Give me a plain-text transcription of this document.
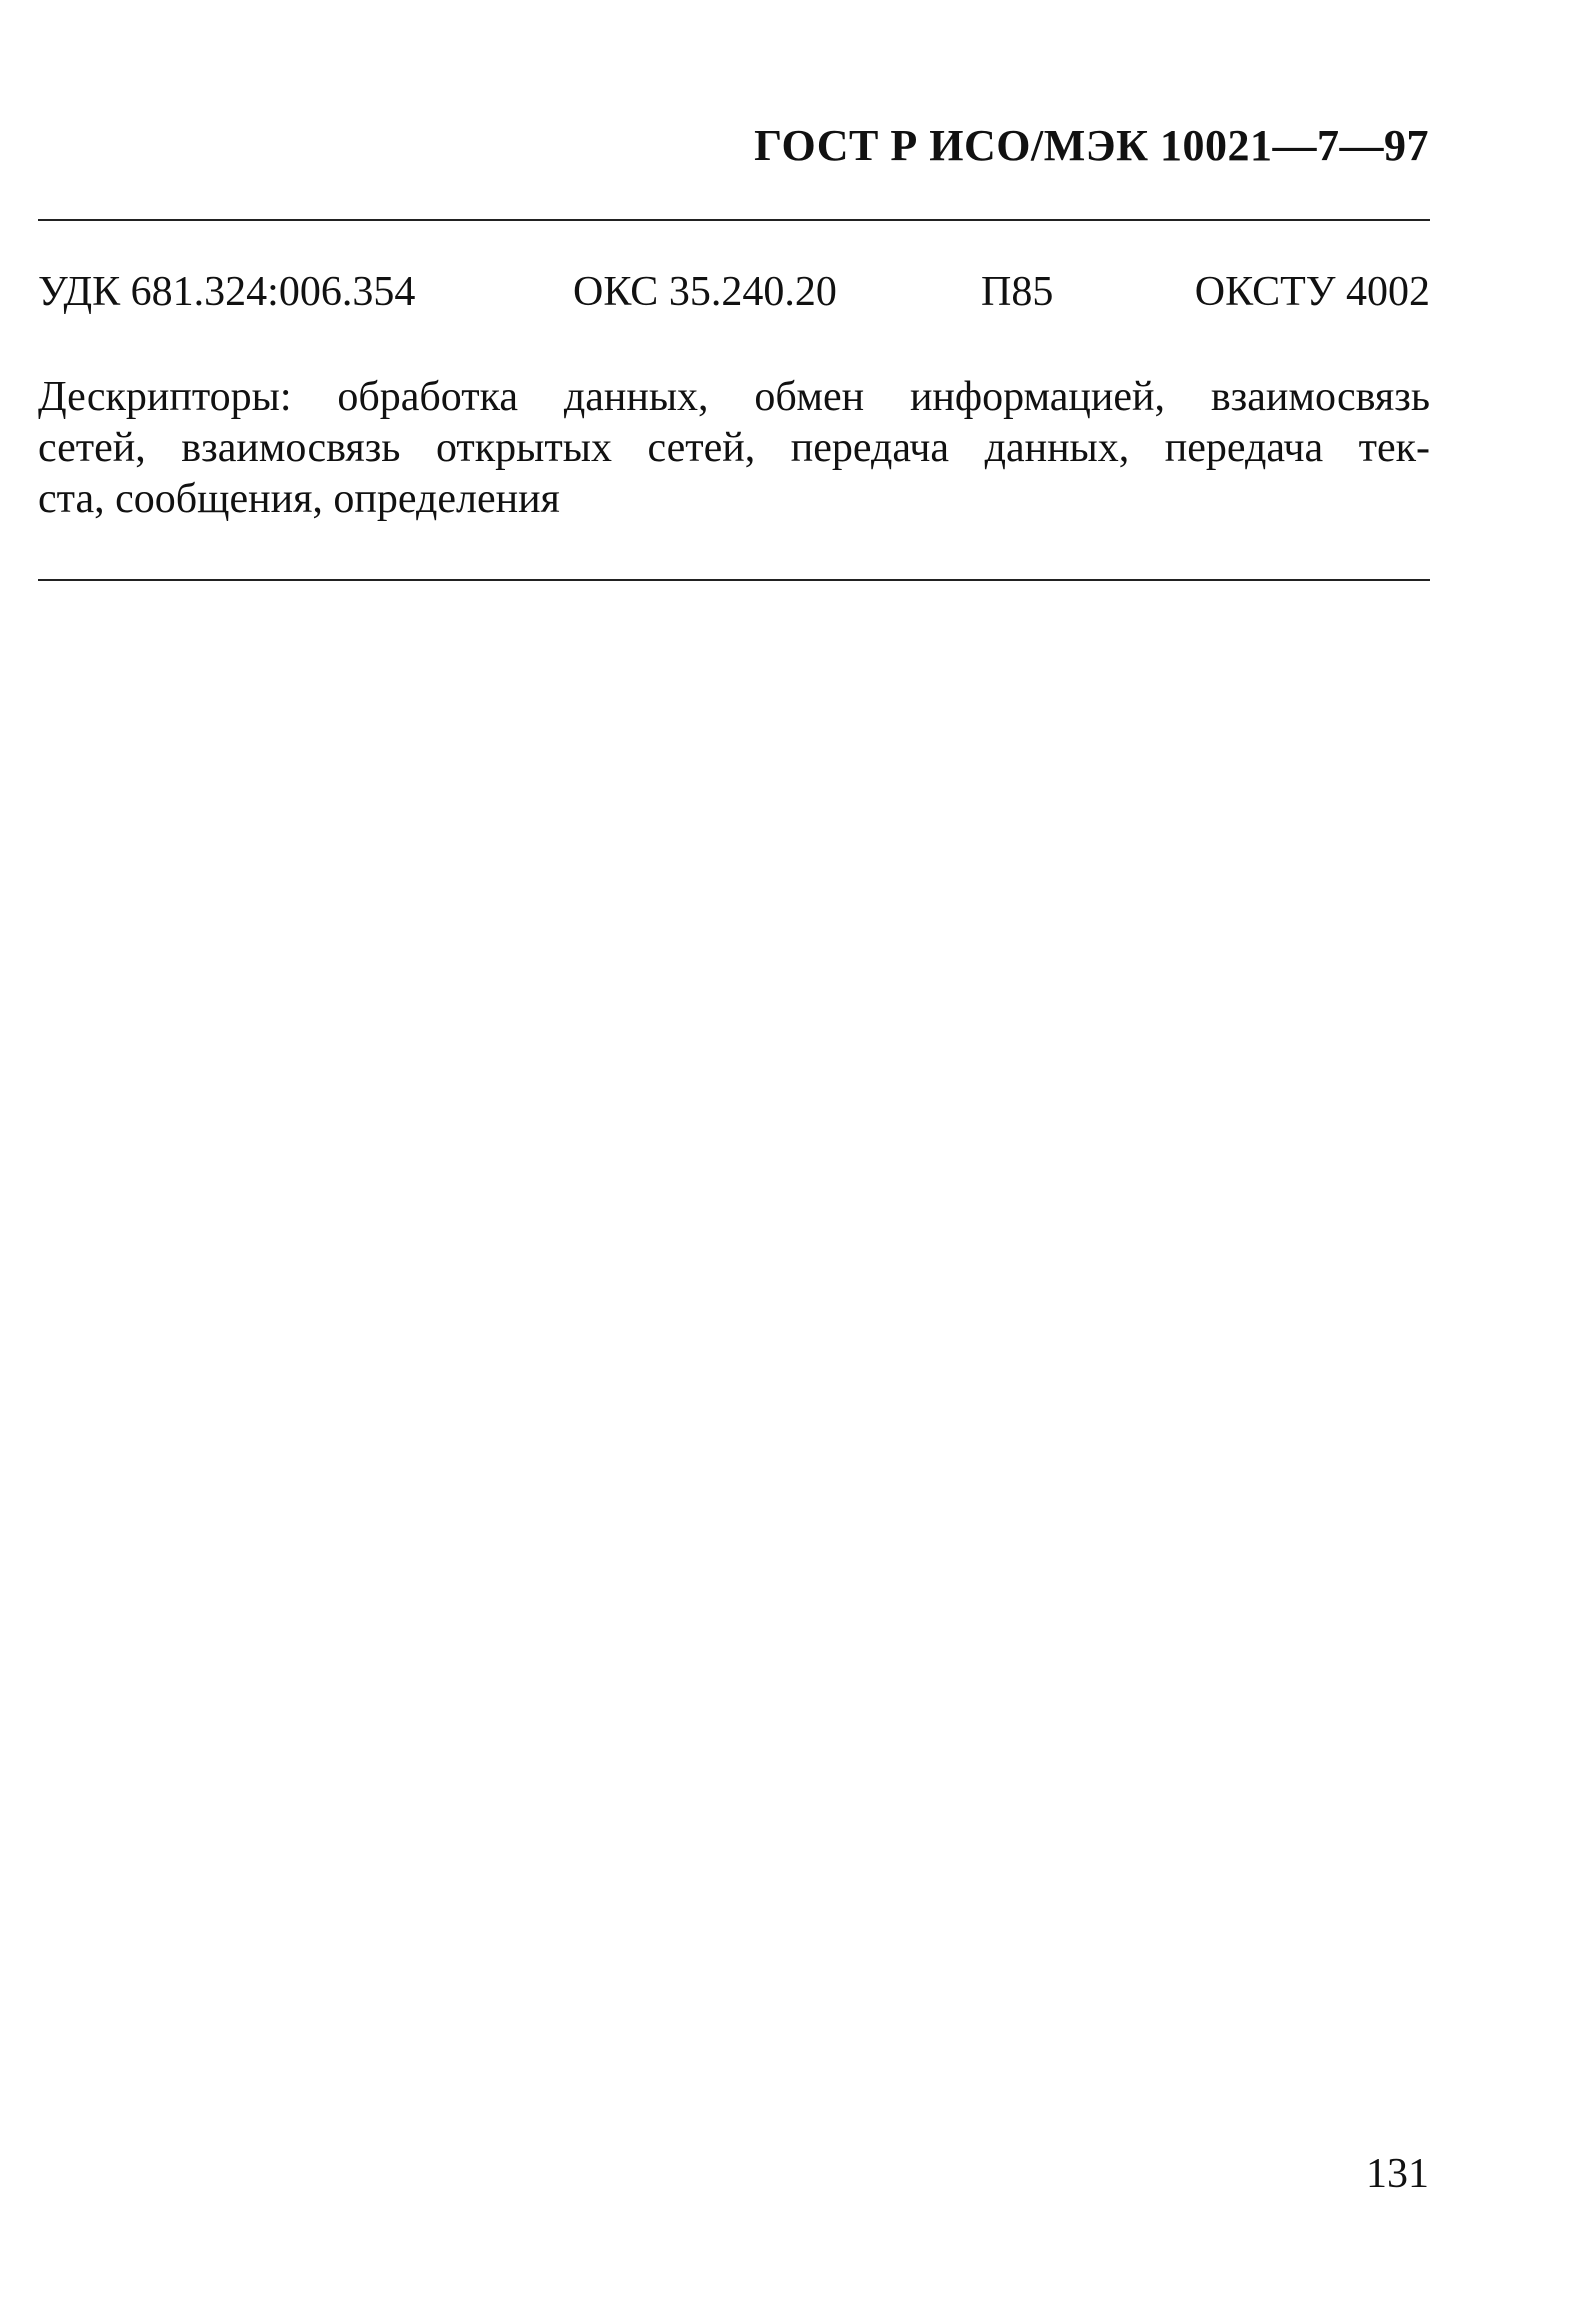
ГОСТ Р ИСО/МЭК 10021—7—97
УДК 681.324:006.354	ОКС 35.240.20	П85	ОКСТУ 4002
Дескрипторы: обработка данных, обмен информацией, взаимосвязь
сетей, взаимосвязь открытых сетей, передача данных, передача тек-
ста, сообщения, определения
131
